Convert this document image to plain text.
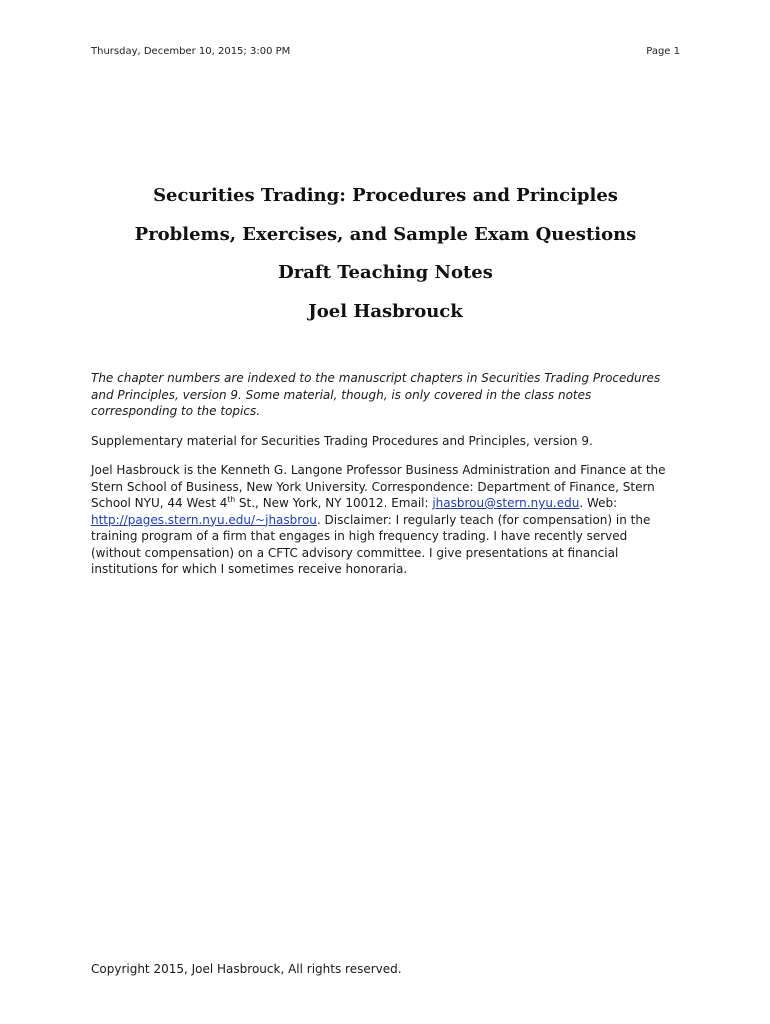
Thursday, December 10, 2015; 3:00 PM	Page 1
Securities Trading: Procedures and Principles
Problems, Exercises, and Sample Exam Questions
Draft Teaching Notes
Joel Hasbrouck

The chapter numbers are indexed to the manuscript chapters in Securities Trading Procedures and Principles, version 9. Some material, though, is only covered in the class notes corresponding to the topics.

Supplementary material for Securities Trading Procedures and Principles, version 9.

Joel Hasbrouck is the Kenneth G. Langone Professor Business Administration and Finance at the Stern School of Business, New York University. Correspondence: Department of Finance, Stern School NYU, 44 West 4th St., New York, NY 10012. Email: jhasbrou@stern.nyu.edu. Web: http://pages.stern.nyu.edu/~jhasbrou. Disclaimer: I regularly teach (for compensation) in the training program of a firm that engages in high frequency trading. I have recently served (without compensation) on a CFTC advisory committee. I give presentations at financial institutions for which I sometimes receive honoraria.

Copyright 2015, Joel Hasbrouck, All rights reserved.
